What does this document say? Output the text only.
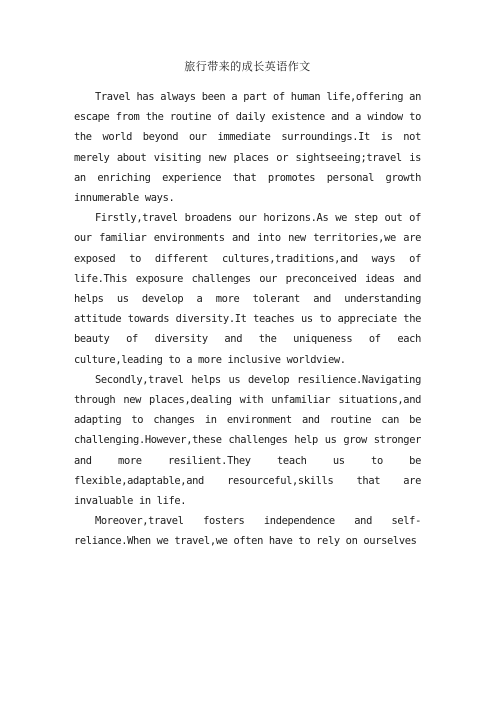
旅行带来的成长英语作文

Travel has always been a part of human life,offering an escape from the routine of daily existence and a window to the world beyond our immediate surroundings.It is not merely about visiting new places or sightseeing;travel is an enriching experience that promotes personal growth innumerable ways.

Firstly,travel broadens our horizons.As we step out of our familiar environments and into new territories,we are exposed to different cultures,traditions,and ways of life.This exposure challenges our preconceived ideas and helps us develop a more tolerant and understanding attitude towards diversity.It teaches us to appreciate the beauty of diversity and the uniqueness of each culture,leading to a more inclusive worldview.

Secondly,travel helps us develop resilience.Navigating through new places,dealing with unfamiliar situations,and adapting to changes in environment and routine can be challenging.However,these challenges help us grow stronger and more resilient.They teach us to be flexible,adaptable,and resourceful,skills that are invaluable in life.

Moreover,travel fosters independence and self-reliance.When we travel,we often have to rely on ourselves
